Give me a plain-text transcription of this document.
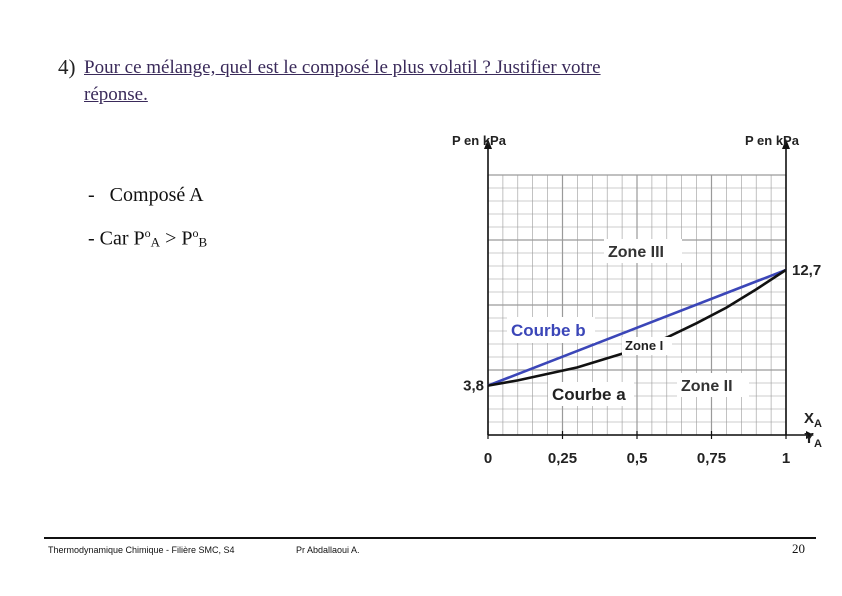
4) Pour ce mélange, quel est le composé le plus volatil ? Justifier votre réponse.
- Composé A
- Car $P^o_A > P^o_B$
0	0,25	0,5	0,75	1
3,8
12,7
P en kPa	P en kPa
$X_A$
$Y_A$
Zone III
Zone I
Zone II
Courbe b
Courbe a
Thermodynamique Chimique - Filière SMC, S4	Pr Abdallaoui A.	20
